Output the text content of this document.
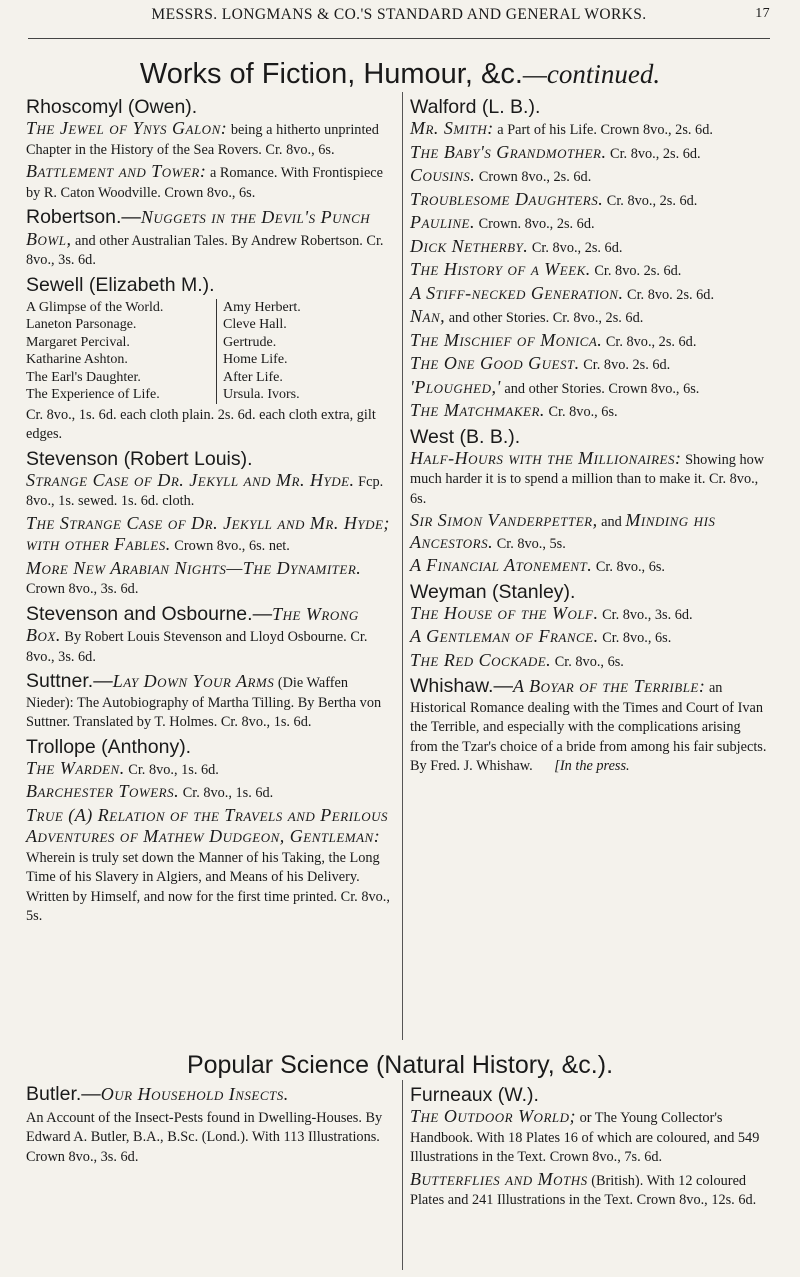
MESSRS. LONGMANS & CO.'S STANDARD AND GENERAL WORKS.	17
Works of Fiction, Humour, &c.—continued.
Rhoscomyl (Owen).
The Jewel of Ynys Galon: being a hitherto unprinted Chapter in the History of the Sea Rovers. Cr. 8vo., 6s.
Battlement and Tower: a Romance. With Frontispiece by R. Caton Woodville. Crown 8vo., 6s.
Robertson.—Nuggets in the Devil's Punch Bowl, and other Australian Tales. By Andrew Robertson. Cr. 8vo., 3s. 6d.
Sewell (Elizabeth M.).
A Glimpse of the World.
Laneton Parsonage.
Margaret Percival.
Katharine Ashton.
The Earl's Daughter.
The Experience of Life.
Amy Herbert.
Cleve Hall.
Gertrude.
Home Life.
After Life.
Ursula. Ivors.
Cr. 8vo., 1s. 6d. each cloth plain. 2s. 6d. each cloth extra, gilt edges.
Stevenson (Robert Louis).
Strange Case of Dr. Jekyll and Mr. Hyde. Fcp. 8vo., 1s. sewed. 1s. 6d. cloth.
The Strange Case of Dr. Jekyll and Mr. Hyde; with other Fables. Crown 8vo., 6s. net.
More New Arabian Nights—The Dynamiter. Crown 8vo., 3s. 6d.
Stevenson and Osbourne.—The Wrong Box. By Robert Louis Stevenson and Lloyd Osbourne. Cr. 8vo., 3s. 6d.
Suttner.—Lay Down Your Arms (Die Waffen Nieder): The Autobiography of Martha Tilling. By Bertha von Suttner. Translated by T. Holmes. Cr. 8vo., 1s. 6d.
Trollope (Anthony).
The Warden. Cr. 8vo., 1s. 6d.
Barchester Towers. Cr. 8vo., 1s. 6d.
True (A) Relation of the Travels and Perilous Adventures of Mathew Dudgeon, Gentleman: Wherein is truly set down the Manner of his Taking, the Long Time of his Slavery in Algiers, and Means of his Delivery. Written by Himself, and now for the first time printed. Cr. 8vo., 5s.
Walford (L. B.).
Mr. Smith: a Part of his Life. Crown 8vo., 2s. 6d.
The Baby's Grandmother. Cr. 8vo., 2s. 6d.
Cousins. Crown 8vo., 2s. 6d.
Troublesome Daughters. Cr. 8vo., 2s. 6d.
Pauline. Crown. 8vo., 2s. 6d.
Dick Netherby. Cr. 8vo., 2s. 6d.
The History of a Week. Cr. 8vo. 2s. 6d.
A Stiff-necked Generation. Cr. 8vo. 2s. 6d.
Nan, and other Stories. Cr. 8vo., 2s. 6d.
The Mischief of Monica. Cr. 8vo., 2s. 6d.
The One Good Guest. Cr. 8vo. 2s. 6d.
'Ploughed,' and other Stories. Crown 8vo., 6s.
The Matchmaker. Cr. 8vo., 6s.
West (B. B.).
Half-Hours with the Millionaires: Showing how much harder it is to spend a million than to make it. Cr. 8vo., 6s.
Sir Simon Vanderpetter, and Minding his Ancestors. Cr. 8vo., 5s.
A Financial Atonement. Cr. 8vo., 6s.
Weyman (Stanley).
The House of the Wolf. Cr. 8vo., 3s. 6d.
A Gentleman of France. Cr. 8vo., 6s.
The Red Cockade. Cr. 8vo., 6s.
Whishaw.—A Boyar of the Terrible: an Historical Romance dealing with the Times and Court of Ivan the Terrible, and especially with the complications arising from the Tzar's choice of a bride from among his fair subjects. By Fred. J. Whishaw. [In the press.
Popular Science (Natural History, &c.).
Butler.—Our Household Insects.
An Account of the Insect-Pests found in Dwelling-Houses. By Edward A. Butler, B.A., B.Sc. (Lond.). With 113 Illustrations. Crown 8vo., 3s. 6d.
Furneaux (W.).
The Outdoor World; or The Young Collector's Handbook. With 18 Plates 16 of which are coloured, and 549 Illustrations in the Text. Crown 8vo., 7s. 6d.
Butterflies and Moths (British). With 12 coloured Plates and 241 Illustrations in the Text. Crown 8vo., 12s. 6d.
